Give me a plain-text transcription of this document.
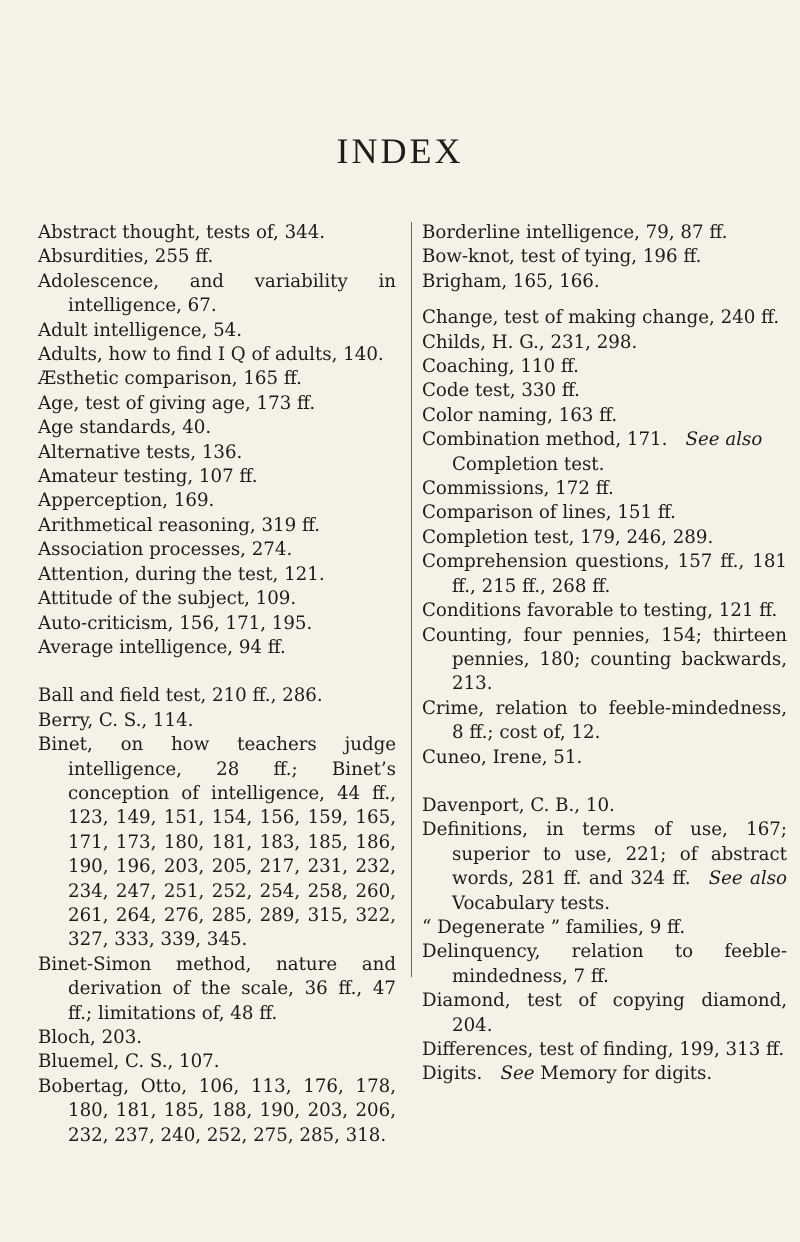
INDEX

Abstract thought, tests of, 344.

Absurdities, 255 ff.

Adolescence, and variability in intelligence, 67.

Adult intelligence, 54.

Adults, how to find I Q of adults, 140.

Æsthetic comparison, 165 ff.

Age, test of giving age, 173 ff.

Age standards, 40.

Alternative tests, 136.

Amateur testing, 107 ff.

Apperception, 169.

Arithmetical reasoning, 319 ff.

Association processes, 274.

Attention, during the test, 121.

Attitude of the subject, 109.

Auto-criticism, 156, 171, 195.

Average intelligence, 94 ff.

Ball and field test, 210 ff., 286.

Berry, C. S., 114.

Binet, on how teachers judge intelligence, 28 ff.; Binet’s conception of intelligence, 44 ff., 123, 149, 151, 154, 156, 159, 165, 171, 173, 180, 181, 183, 185, 186, 190, 196, 203, 205, 217, 231, 232, 234, 247, 251, 252, 254, 258, 260, 261, 264, 276, 285, 289, 315, 322, 327, 333, 339, 345.

Binet-Simon method, nature and derivation of the scale, 36 ff., 47 ff.; limitations of, 48 ff.

Bloch, 203.

Bluemel, C. S., 107.

Bobertag, Otto, 106, 113, 176, 178, 180, 181, 185, 188, 190, 203, 206, 232, 237, 240, 252, 275, 285, 318.

Borderline intelligence, 79, 87 ff.

Bow-knot, test of tying, 196 ff.

Brigham, 165, 166.

Change, test of making change, 240 ff.

Childs, H. G., 231, 298.

Coaching, 110 ff.

Code test, 330 ff.

Color naming, 163 ff.

Combination method, 171.  See also
Completion test.

Commissions, 172 ff.

Comparison of lines, 151 ff.

Completion test, 179, 246, 289.

Comprehension questions, 157 ff., 181 ff., 215 ff., 268 ff.

Conditions favorable to testing, 121 ff.

Counting, four pennies, 154; thirteen pennies, 180; counting backwards, 213.

Crime, relation to feeble-mindedness, 8 ff.; cost of, 12.

Cuneo, Irene, 51.

Davenport, C. B., 10.

Definitions, in terms of use, 167; superior to use, 221; of abstract words, 281 ff. and 324 ff.  See also Vocabulary tests.

“ Degenerate ” families, 9 ff.

Delinquency, relation to feeble-mindedness, 7 ff.

Diamond, test of copying diamond, 204.

Differences, test of finding, 199, 313 ff.

Digits.  See Memory for digits.
